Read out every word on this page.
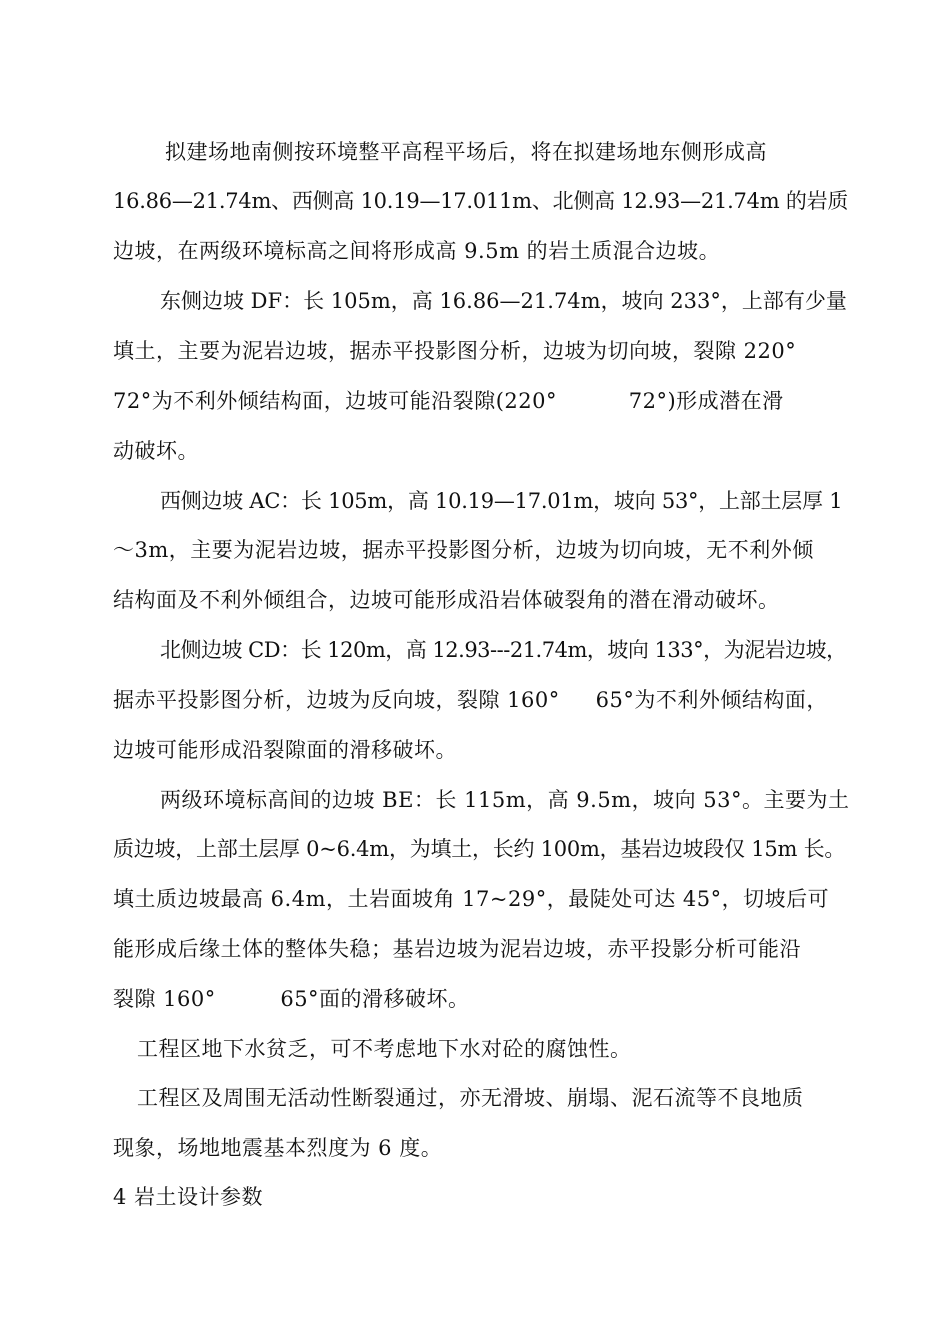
拟建场地南侧按环境整平高程平场后，将在拟建场地东侧形成高
16.86—21.74m、西侧高 10.19—17.011m、北侧高 12.93—21.74m 的岩质
边坡，在两级环境标高之间将形成高 9.5m 的岩土质混合边坡。
东侧边坡 DF：长 105m，高 16.86—21.74m，坡向 233°，上部有少量
填土，主要为泥岩边坡，据赤平投影图分析，边坡为切向坡，裂隙 220°
72°为不利外倾结构面，边坡可能沿裂隙(220°          72°)形成潜在滑
动破坏。
西侧边坡 AC：长 105m，高 10.19—17.01m，坡向 53°，上部土层厚 1
～3m，主要为泥岩边坡，据赤平投影图分析，边坡为切向坡，无不利外倾
结构面及不利外倾组合，边坡可能形成沿岩体破裂角的潜在滑动破坏。
北侧边坡 CD：长 120m，高 12.93---21.74m，坡向 133°，为泥岩边坡，
据赤平投影图分析，边坡为反向坡，裂隙 160°     65°为不利外倾结构面，
边坡可能形成沿裂隙面的滑移破坏。
两级环境标高间的边坡 BE：长 115m，高 9.5m，坡向 53°。主要为土
质边坡，上部土层厚 0~6.4m，为填土，长约 100m，基岩边坡段仅 15m 长。
填土质边坡最高 6.4m，土岩面坡角 17~29°，最陡处可达 45°，切坡后可
能形成后缘土体的整体失稳；基岩边坡为泥岩边坡，赤平投影分析可能沿
裂隙 160°         65°面的滑移破坏。
工程区地下水贫乏，可不考虑地下水对砼的腐蚀性。
工程区及周围无活动性断裂通过，亦无滑坡、崩塌、泥石流等不良地质
现象，场地地震基本烈度为 6 度。
4 岩土设计参数
